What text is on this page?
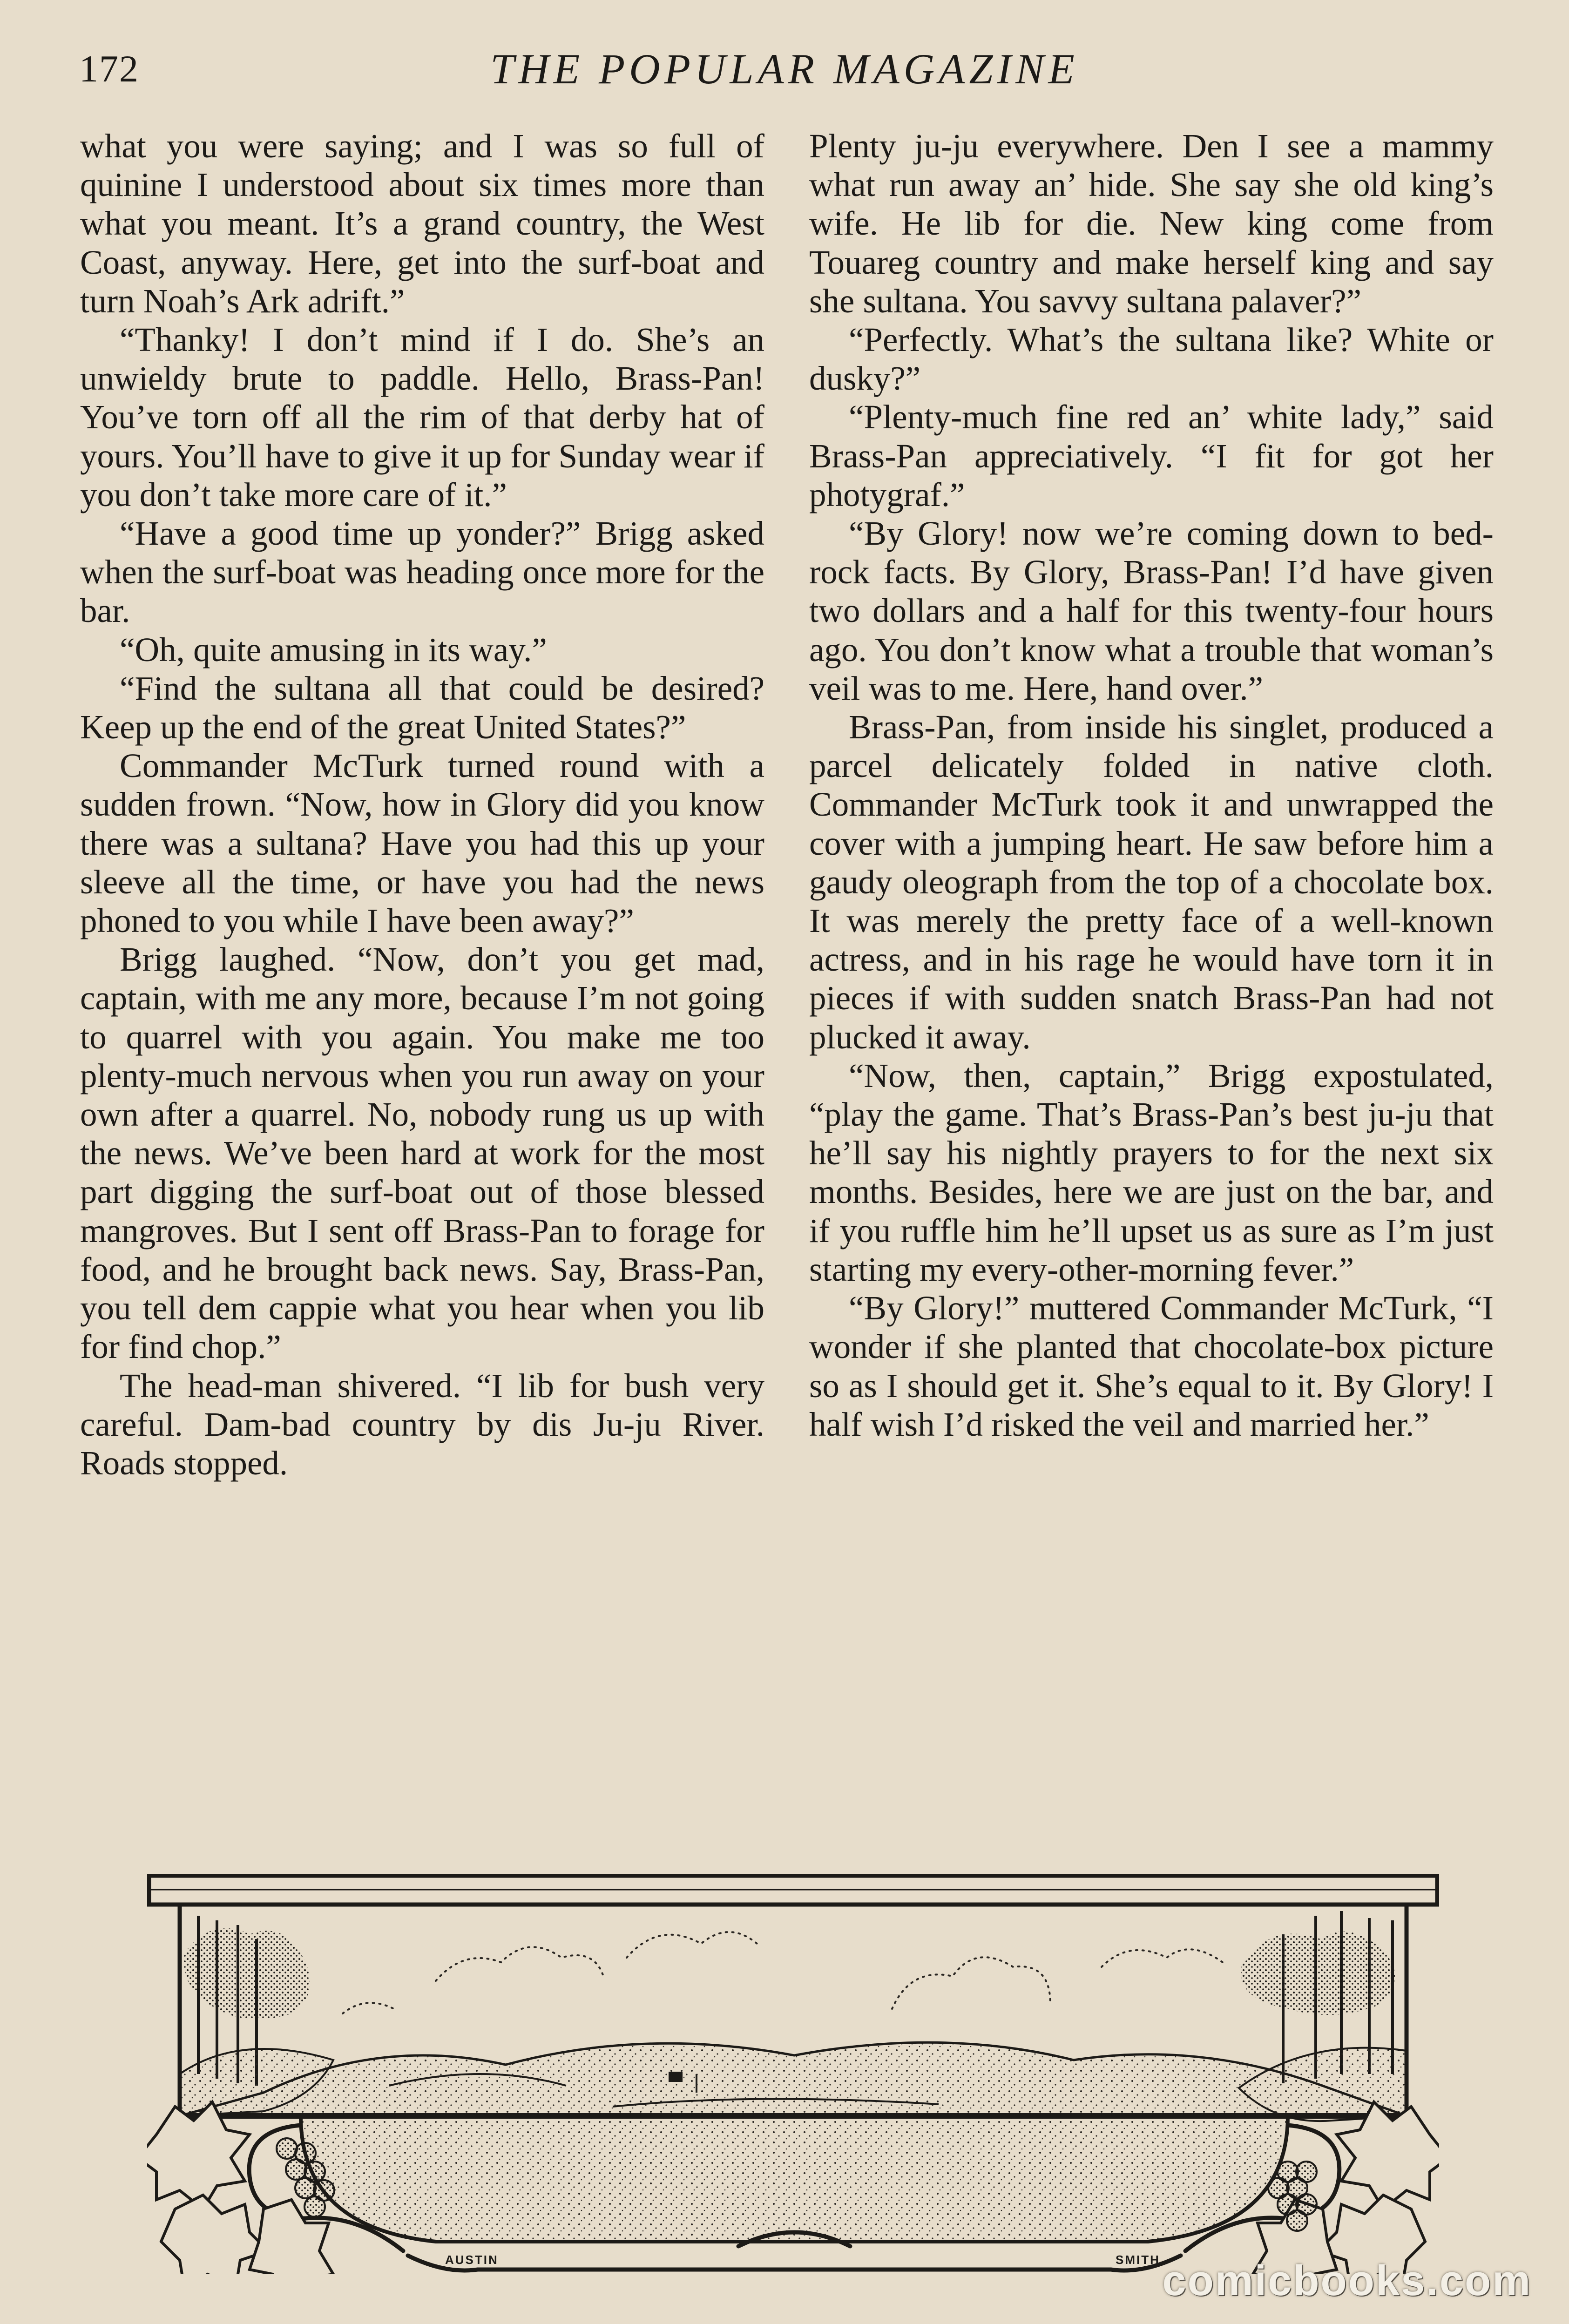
172	THE POPULAR MAGAZINE

what you were saying; and I was so full of quinine I understood about six times more than what you meant. It’s a grand country, the West Coast, anyway. Here, get into the surf-boat and turn Noah’s Ark adrift.”

“Thanky! I don’t mind if I do. She’s an unwieldy brute to paddle. Hello, Brass-Pan! You’ve torn off all the rim of that derby hat of yours. You’ll have to give it up for Sunday wear if you don’t take more care of it.”

“Have a good time up yonder?” Brigg asked when the surf-boat was heading once more for the bar.

“Oh, quite amusing in its way.”

“Find the sultana all that could be desired? Keep up the end of the great United States?”

Commander McTurk turned round with a sudden frown. “Now, how in Glory did you know there was a sultana? Have you had this up your sleeve all the time, or have you had the news phoned to you while I have been away?”

Brigg laughed. “Now, don’t you get mad, captain, with me any more, because I’m not going to quarrel with you again. You make me too plenty-much nervous when you run away on your own after a quarrel. No, nobody rung us up with the news. We’ve been hard at work for the most part digging the surf-boat out of those blessed mangroves. But I sent off Brass-Pan to forage for food, and he brought back news. Say, Brass-Pan, you tell dem cappie what you hear when you lib for find chop.”

The head-man shivered. “I lib for bush very careful. Dam-bad country by dis Ju-ju River. Roads stopped.

Plenty ju-ju everywhere. Den I see a mammy what run away an’ hide. She say she old king’s wife. He lib for die. New king come from Touareg country and make herself king and say she sultana. You savvy sultana palaver?”

“Perfectly. What’s the sultana like? White or dusky?”

“Plenty-much fine red an’ white lady,” said Brass-Pan appreciatively. “I fit for got her photygraf.”

“By Glory! now we’re coming down to bed-rock facts. By Glory, Brass-Pan! I’d have given two dollars and a half for this twenty-four hours ago. You don’t know what a trouble that woman’s veil was to me. Here, hand over.”

Brass-Pan, from inside his singlet, produced a parcel delicately folded in native cloth. Commander McTurk took it and unwrapped the cover with a jumping heart. He saw before him a gaudy oleograph from the top of a chocolate box. It was merely the pretty face of a well-known actress, and in his rage he would have torn it in pieces if with sudden snatch Brass-Pan had not plucked it away.

“Now, then, captain,” Brigg expostulated, “play the game. That’s Brass-Pan’s best ju-ju that he’ll say his nightly prayers to for the next six months. Besides, here we are just on the bar, and if you ruffle him he’ll upset us as sure as I’m just starting my every-other-morning fever.”

“By Glory!” muttered Commander McTurk, “I wonder if she planted that chocolate-box picture so as I should get it. She’s equal to it. By Glory! I half wish I’d risked the veil and married her.”

AUSTIN	SMITH comicbooks.com
